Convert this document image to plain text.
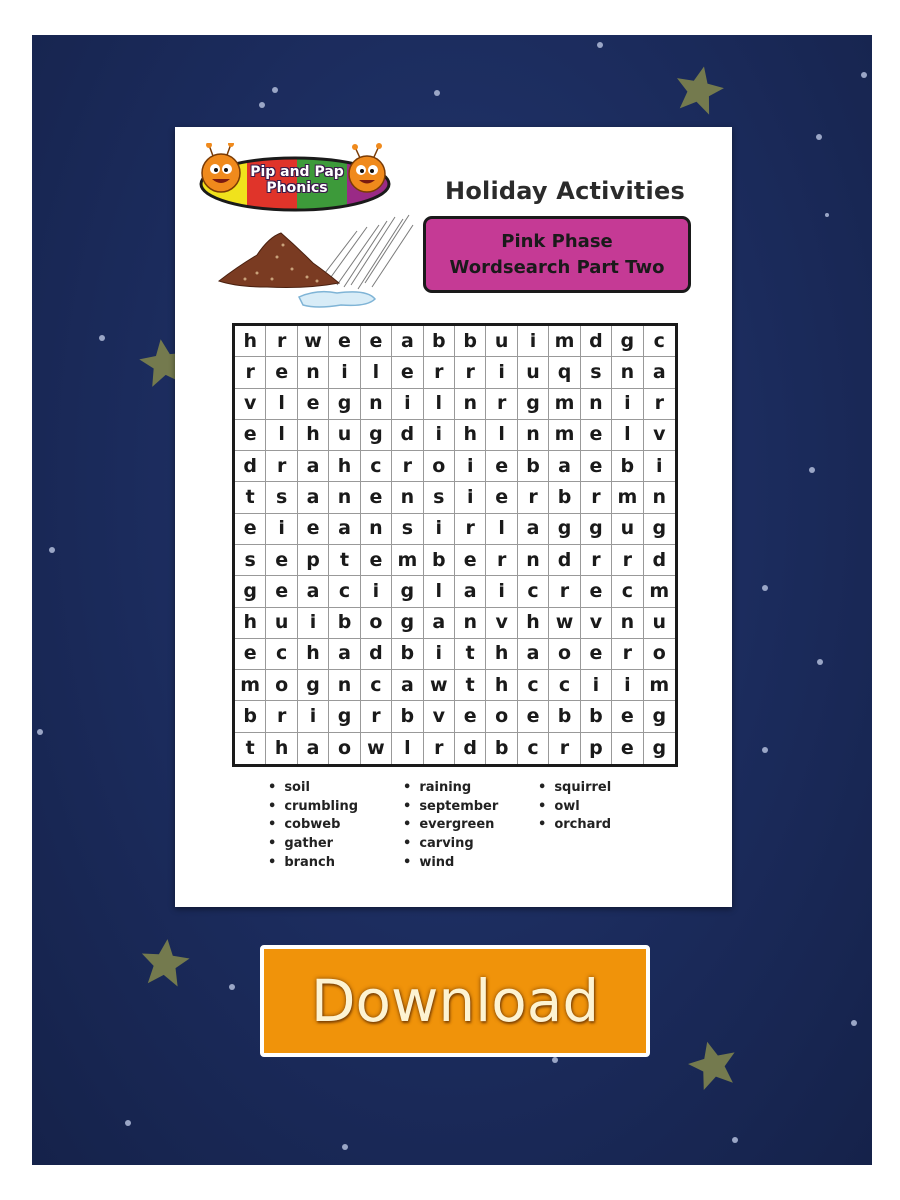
Pip and Pap
Phonics	Holiday Activities
Pink Phase
Wordsearch Part Two
h	r w e e a b b u	i m d g	c
r	e n	i	l	e	r	r	i	u q s	n a
v	l	e g n	i	l	n	r	g m n	i	r
e	l	h u g d	i	h	l	n m e	l	v
d	r	a h	c	r	o	i	e b a e b	i
t	s	a n e n	s	i	e	r	b	r m n
e	i	e a n	s	i	r	l	a g g u g
s	e p	t	e m b e	r	n d	r	r	d
g e a	c	i	g	l	a	i	c	r	e	c m
h u	i	b o g a n v h w v n u
e	c	h a d b	i	t	h a o e	r	o
m o g n	c	a w t	h	c	c	i	i m
b	r	i	g	r	b v e o e b b e g
t	h a o w	l	r	d b c	r	p e g
• soil
• crumbling
• cobweb
• gather
• branch
• raining
• september
• evergreen
• carving
• wind
• squirrel
• owl
• orchard
Download
